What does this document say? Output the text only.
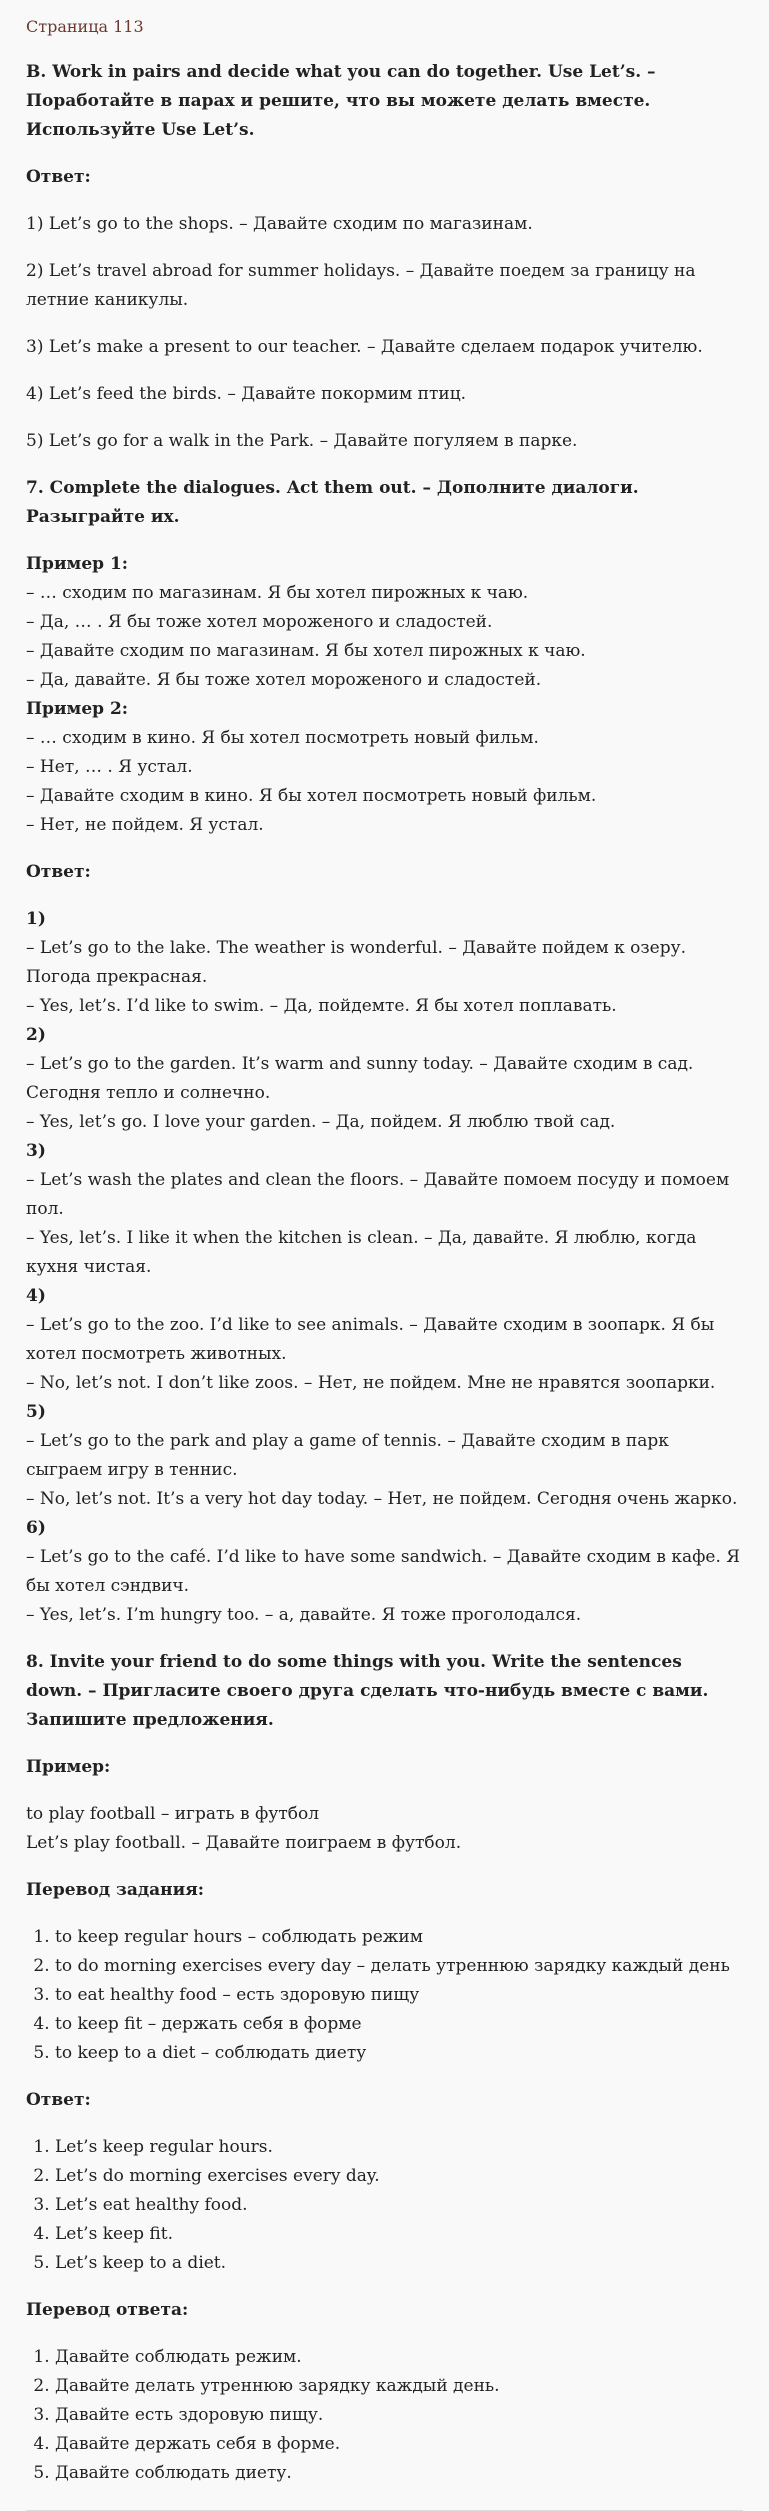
Страница 113
B. Work in pairs and decide what you can do together. Use Let’s. – Поработайте в парах и решите, что вы можете делать вместе. Используйте Use Let’s.
Ответ:

1) Let’s go to the shops. – Давайте сходим по магазинам.

2) Let’s travel abroad for summer holidays. – Давайте поедем за границу на летние каникулы.

3) Let’s make a present to our teacher. – Давайте сделаем подарок учителю.

4) Let’s feed the birds. – Давайте покормим птиц.

5) Let’s go for a walk in the Park. – Давайте погуляем в парке.

7. Complete the dialogues. Act them out. – Дополните диалоги. Разыграйте их.
Пример 1:
– … сходим по магазинам. Я бы хотел пирожных к чаю.
– Да, … . Я бы тоже хотел мороженого и сладостей.
– Давайте сходим по магазинам. Я бы хотел пирожных к чаю.
– Да, давайте. Я бы тоже хотел мороженого и сладостей.
Пример 2:
– … сходим в кино. Я бы хотел посмотреть новый фильм.
– Нет, … . Я устал.
– Давайте сходим в кино. Я бы хотел посмотреть новый фильм.
– Нет, не пойдем. Я устал.
Ответ:
1)
– Let’s go to the lake. The weather is wonderful. – Давайте пойдем к озеру. Погода прекрасная.
– Yes, let’s. I’d like to swim. – Да, пойдемте. Я бы хотел поплавать.
2)
– Let’s go to the garden. It’s warm and sunny today. – Давайте сходим в сад. Сегодня тепло и солнечно.
– Yes, let’s go. I love your garden. – Да, пойдем. Я люблю твой сад.
3)
– Let’s wash the plates and clean the floors. – Давайте помоем посуду и помоем пол.
– Yes, let’s. I like it when the kitchen is clean. – Да, давайте. Я люблю, когда кухня чистая.
4)
– Let’s go to the zoo. I’d like to see animals. – Давайте сходим в зоопарк. Я бы хотел посмотреть животных.
– No, let’s not. I don’t like zoos. – Нет, не пойдем. Мне не нравятся зоопарки.
5)
– Let’s go to the park and play a game of tennis. – Давайте сходим в парк сыграем игру в теннис.
– No, let’s not. It’s a very hot day today. – Нет, не пойдем. Сегодня очень жарко.
6)
– Let’s go to the café. I’d like to have some sandwich. – Давайте сходим в кафе. Я бы хотел сэндвич.
– Yes, let’s. I’m hungry too. – а, давайте. Я тоже проголодался.
8. Invite your friend to do some things with you. Write the sentences down. – Пригласите своего друга сделать что-нибудь вместе с вами. Запишите предложения.
Пример:
to play football – играть в футбол
Let’s play football. – Давайте поиграем в футбол.
Перевод задания:
1. to keep regular hours – соблюдать режим
2. to do morning exercises every day – делать утреннюю зарядку каждый день
3. to eat healthy food – есть здоровую пищу
4. to keep fit – держать себя в форме
5. to keep to a diet – соблюдать диету
Ответ:
1. Let’s keep regular hours.
2. Let’s do morning exercises every day.
3. Let’s eat healthy food.
4. Let’s keep fit.
5. Let’s keep to a diet.
Перевод ответа:
1. Давайте соблюдать режим.
2. Давайте делать утреннюю зарядку каждый день.
3. Давайте есть здоровую пищу.
4. Давайте держать себя в форме.
5. Давайте соблюдать диету.
